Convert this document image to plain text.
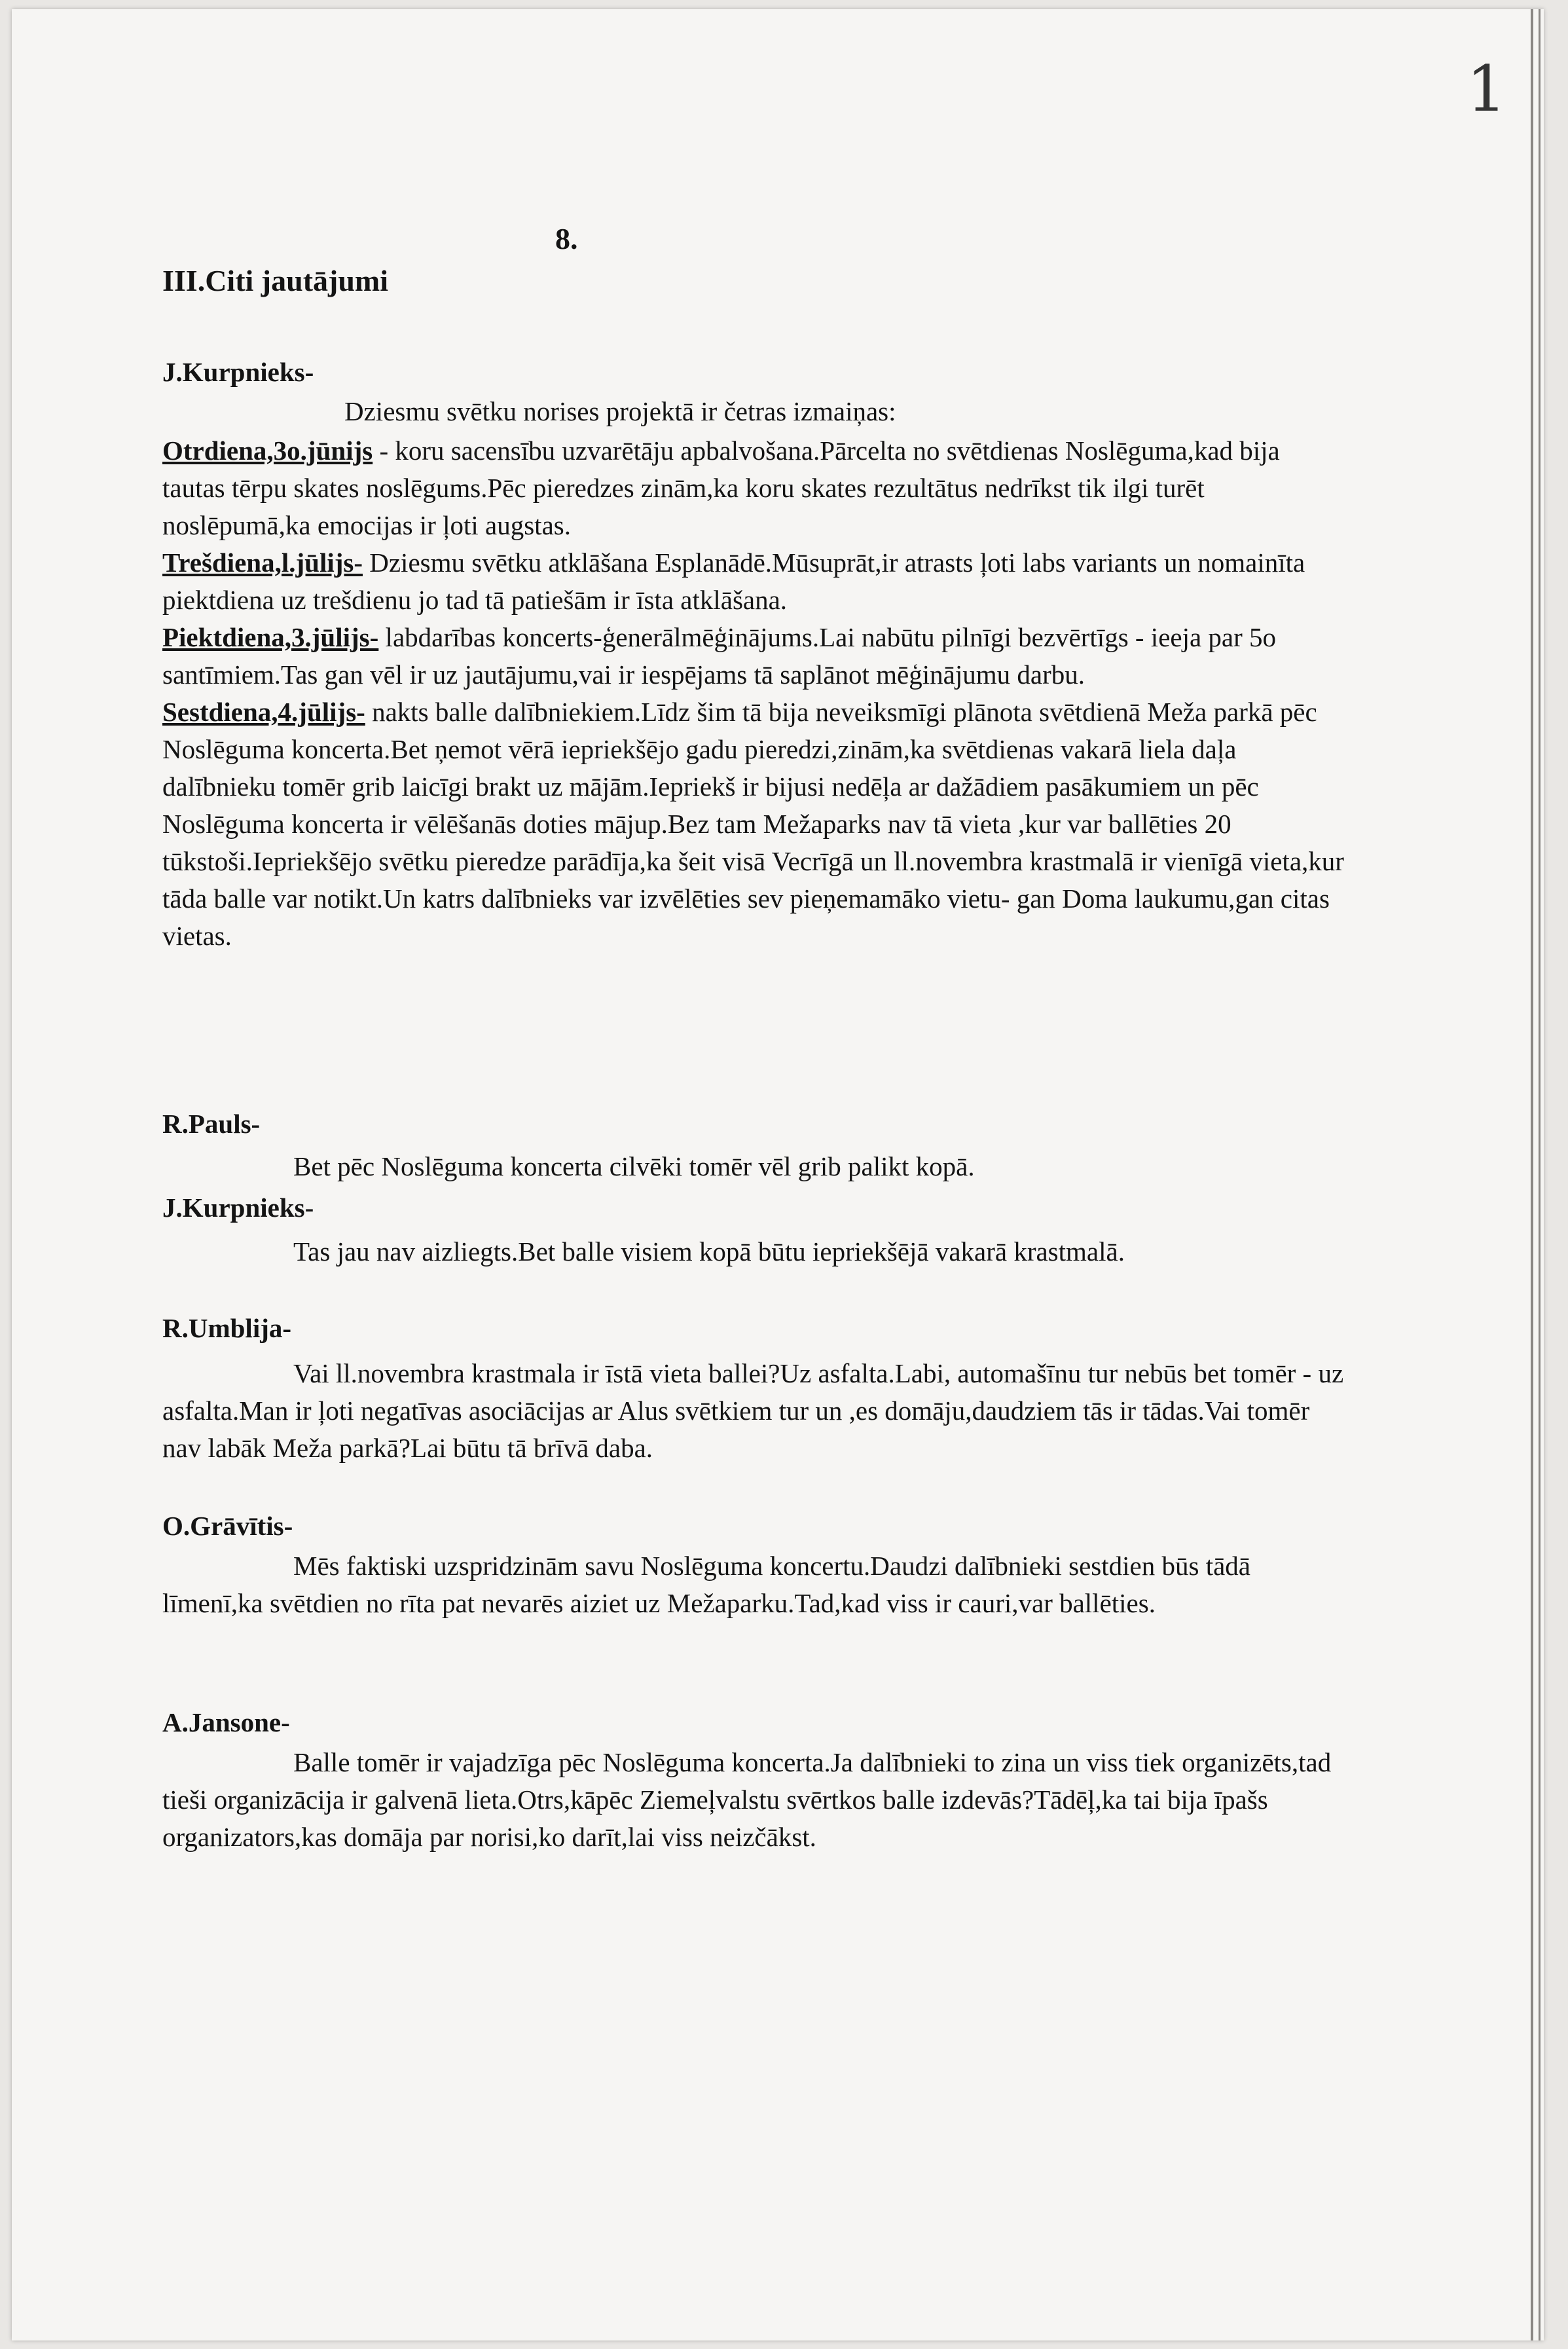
1
8.
III.Citi jautājumi

J.Kurpnieks-

Dziesmu svētku norises projektā ir četras izmaiņas:

Otrdiena,3o.jūnijs - koru sacensību uzvarētāju apbalvošana.Pārcelta no svētdienas Noslēguma,kad bija tautas tērpu skates noslēgums.Pēc pieredzes zinām,ka koru skates rezultātus nedrīkst tik ilgi turēt noslēpumā,ka emocijas ir ļoti augstas.

Trešdiena,l.jūlijs- Dziesmu svētku atklāšana Esplanādē.Mūsuprāt,ir atrasts ļoti labs variants un nomainīta piektdiena uz trešdienu jo tad tā patiešām ir īsta atklāšana.

Piektdiena,3.jūlijs- labdarības koncerts-ģenerālmēģinājums.Lai nabūtu pilnīgi bezvērtīgs - ieeja par 5o santīmiem.Tas gan vēl ir uz jautājumu,vai ir iespējams tā saplānot mēģinājumu darbu.

Sestdiena,4.jūlijs- nakts balle dalībniekiem.Līdz šim tā bija neveiksmīgi plānota svētdienā Meža parkā pēc Noslēguma koncerta.Bet ņemot vērā iepriekšējo gadu pieredzi,zinām,ka svētdienas vakarā liela daļa dalībnieku tomēr grib laicīgi brakt uz mājām.Iepriekš ir bijusi nedēļa ar dažādiem pasākumiem un pēc Noslēguma koncerta ir vēlēšanās doties mājup.Bez tam Mežaparks nav tā vieta ,kur var ballēties 20 tūkstoši.Iepriekšējo svētku pieredze parādīja,ka šeit visā Vecrīgā un ll.novembra krastmalā ir vienīgā vieta,kur tāda balle var notikt.Un katrs dalībnieks var izvēlēties sev pieņemamāko vietu- gan Doma laukumu,gan citas vietas.

R.Pauls-

Bet pēc Noslēguma koncerta cilvēki tomēr vēl grib palikt kopā.

J.Kurpnieks-

Tas jau nav aizliegts.Bet balle visiem kopā būtu iepriekšējā vakarā krastmalā.

R.Umblija-

Vai ll.novembra krastmala ir īstā vieta ballei?Uz asfalta.Labi, automašīnu tur nebūs bet tomēr - uz asfalta.Man ir ļoti negatīvas asociācijas ar Alus svētkiem tur un ,es domāju,daudziem tās ir tādas.Vai tomēr nav labāk Meža parkā?Lai būtu tā brīvā daba.

O.Grāvītis-

Mēs faktiski uzspridzinām savu Noslēguma koncertu.Daudzi dalībnieki sestdien būs tādā līmenī,ka svētdien no rīta pat nevarēs aiziet uz Mežaparku.Tad,kad viss ir cauri,var ballēties.

A.Jansone-

Balle tomēr ir vajadzīga pēc Noslēguma koncerta.Ja dalībnieki to zina un viss tiek organizēts,tad tieši organizācija ir galvenā lieta.Otrs,kāpēc Ziemeļvalstu svērtkos balle izdevās?Tādēļ,ka tai bija īpašs organizators,kas domāja par norisi,ko darīt,lai viss neizčākst.
